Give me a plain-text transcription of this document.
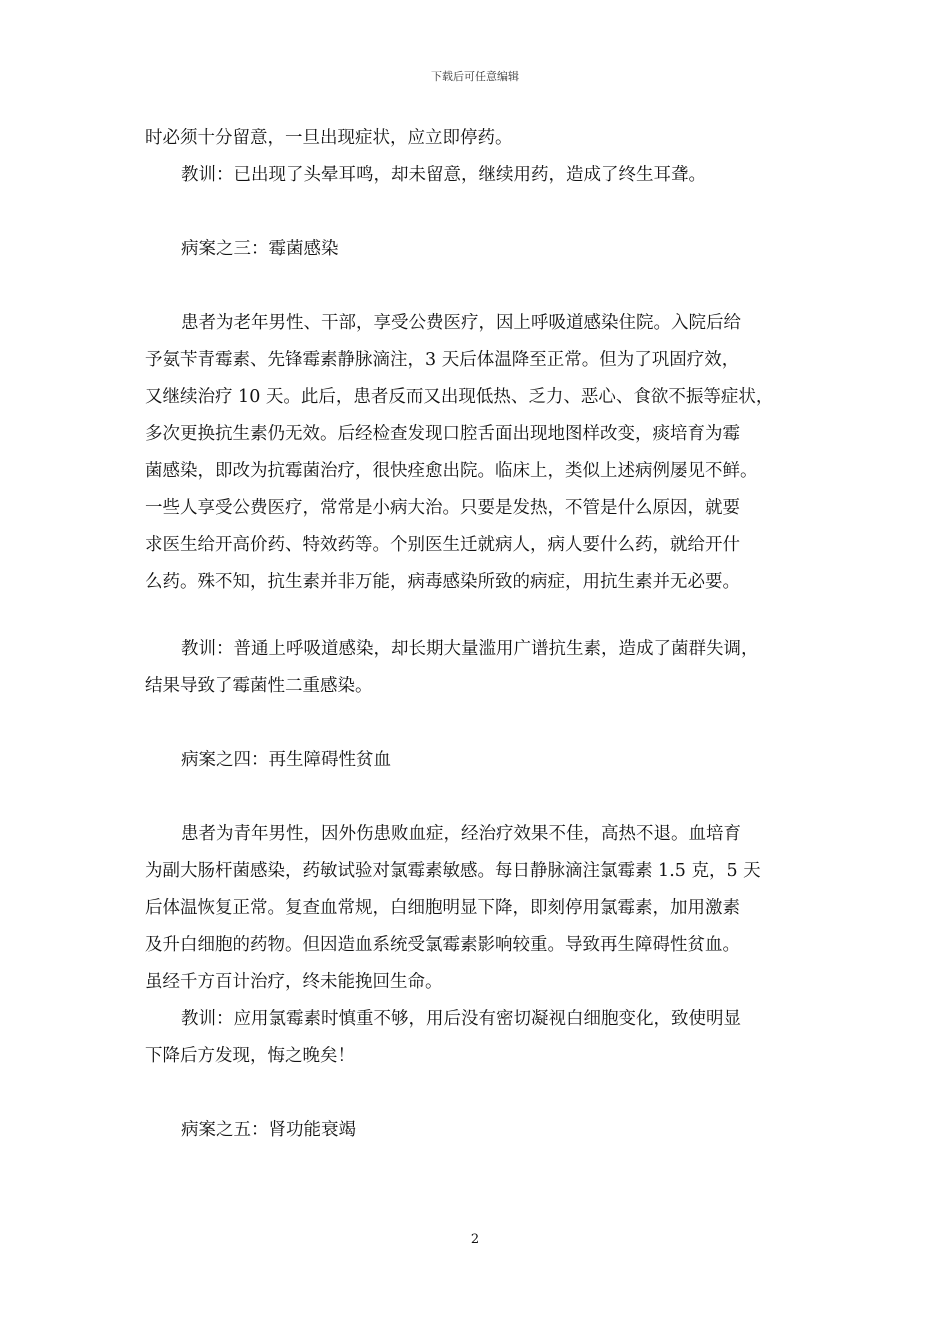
下载后可任意编辑
时必须十分留意，一旦出现症状，应立即停药。
教训：已出现了头晕耳鸣，却未留意，继续用药，造成了终生耳聋。
病案之三：霉菌感染
患者为老年男性、干部，享受公费医疗，因上呼吸道感染住院。入院后给
予氨苄青霉素、先锋霉素静脉滴注，3 天后体温降至正常。但为了巩固疗效，
又继续治疗 10 天。此后，患者反而又出现低热、乏力、恶心、食欲不振等症状，
多次更换抗生素仍无效。后经检查发现口腔舌面出现地图样改变，痰培育为霉
菌感染，即改为抗霉菌治疗，很快痊愈出院。临床上，类似上述病例屡见不鲜。
一些人享受公费医疗，常常是小病大治。只要是发热，不管是什么原因，就要
求医生给开高价药、特效药等。个别医生迁就病人，病人要什么药，就给开什
么药。殊不知，抗生素并非万能，病毒感染所致的病症，用抗生素并无必要。
教训：普通上呼吸道感染，却长期大量滥用广谱抗生素，造成了菌群失调，
结果导致了霉菌性二重感染。
病案之四：再生障碍性贫血
患者为青年男性，因外伤患败血症，经治疗效果不佳，高热不退。血培育
为副大肠杆菌感染，药敏试验对氯霉素敏感。每日静脉滴注氯霉素 1.5 克，5 天
后体温恢复正常。复查血常规，白细胞明显下降，即刻停用氯霉素，加用激素
及升白细胞的药物。但因造血系统受氯霉素影响较重。导致再生障碍性贫血。
虽经千方百计治疗，终未能挽回生命。
教训：应用氯霉素时慎重不够，用后没有密切凝视白细胞变化，致使明显
下降后方发现，悔之晚矣！
病案之五：肾功能衰竭
2
